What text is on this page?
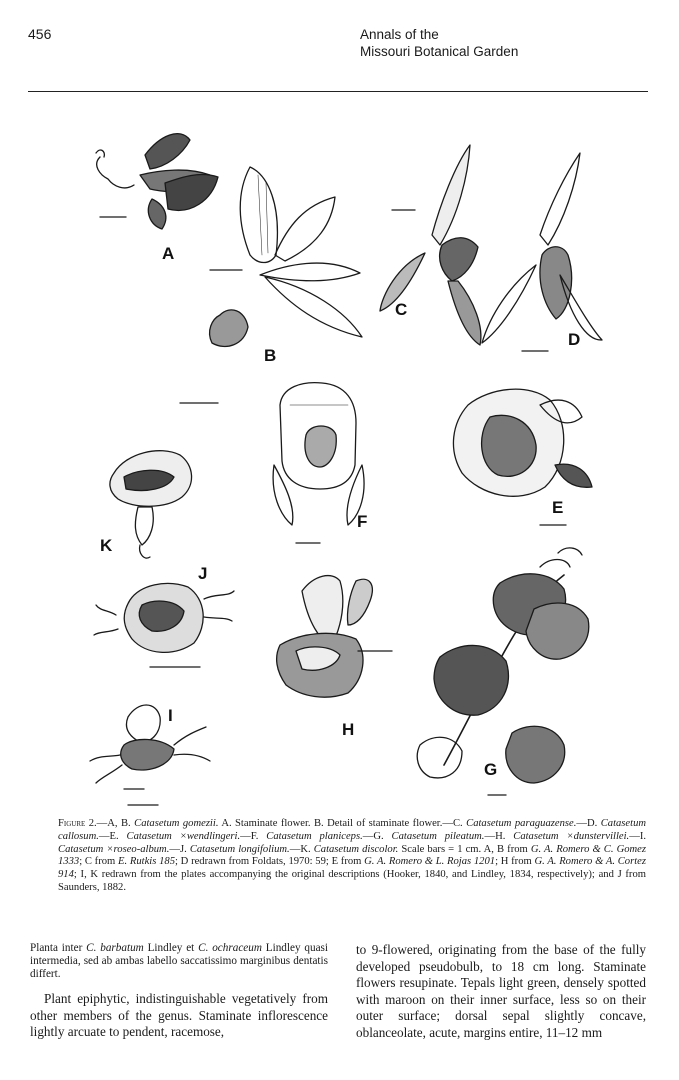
456	Annals of the
Missouri Botanical Garden
A
B
C
D
E
F
K
J
I
H
G
Figure 2.—A, B. Catasetum gomezii. A. Staminate flower. B. Detail of staminate flower.—C. Catasetum paraguazense.—D. Catasetum callosum.—E. Catasetum ×wendlingeri.—F. Catasetum planiceps.—G. Catasetum pileatum.—H. Catasetum ×dunstervillei.—I. Catasetum ×roseo-album.—J. Catasetum longifolium.—K. Catasetum discolor. Scale bars = 1 cm. A, B from G. A. Romero & C. Gomez 1333; C from E. Rutkis 185; D redrawn from Foldats, 1970: 59; E from G. A. Romero & L. Rojas 1201; H from G. A. Romero & A. Cortez 914; I, K redrawn from the plates accompanying the original descriptions (Hooker, 1840, and Lindley, 1834, respectively); and J from Saunders, 1882.

Planta inter C. barbatum Lindley et C. ochraceum Lindley quasi intermedia, sed ab ambas labello saccatissimo marginibus dentatis differt.

Plant epiphytic, indistinguishable vegetatively from other members of the genus. Staminate inflorescence lightly arcuate to pendent, racemose,

to 9-flowered, originating from the base of the fully developed pseudobulb, to 18 cm long. Staminate flowers resupinate. Tepals light green, densely spotted with maroon on their inner surface, less so on their outer surface; dorsal sepal slightly concave, oblanceolate, acute, margins entire, 11–12 mm
